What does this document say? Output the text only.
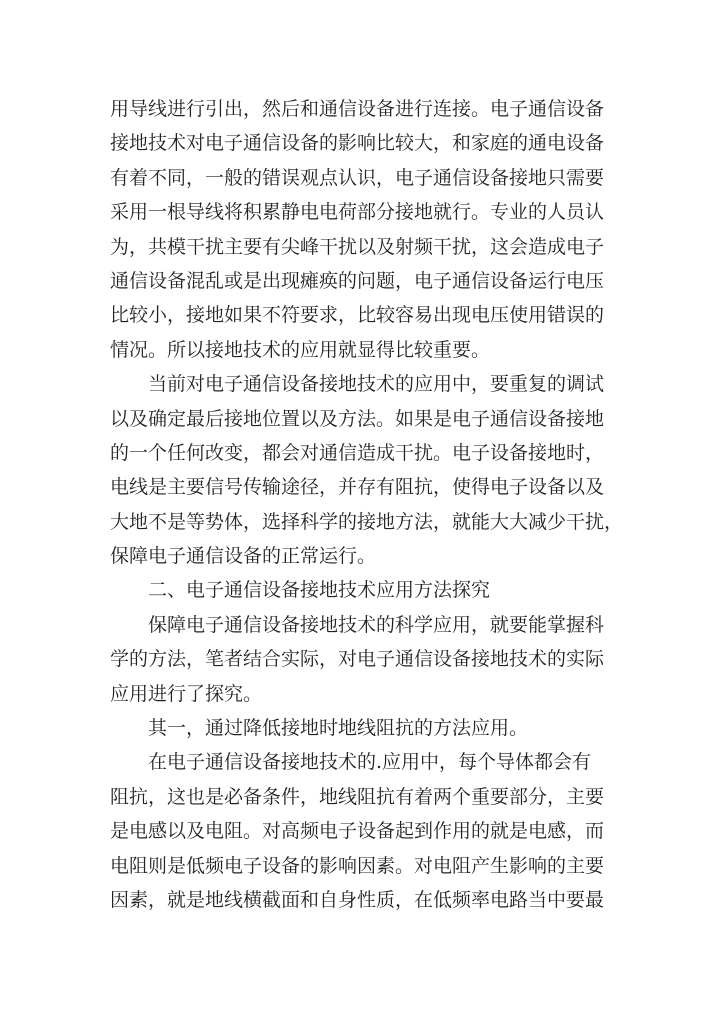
用导线进行引出，然后和通信设备进行连接。电子通信设备
接地技术对电子通信设备的影响比较大，和家庭的通电设备
有着不同，一般的错误观点认识，电子通信设备接地只需要
采用一根导线将积累静电电荷部分接地就行。专业的人员认
为，共模干扰主要有尖峰干扰以及射频干扰，这会造成电子
通信设备混乱或是出现瘫痪的问题，电子通信设备运行电压
比较小，接地如果不符要求，比较容易出现电压使用错误的
情况。所以接地技术的应用就显得比较重要。
当前对电子通信设备接地技术的应用中，要重复的调试
以及确定最后接地位置以及方法。如果是电子通信设备接地
的一个任何改变，都会对通信造成干扰。电子设备接地时，
电线是主要信号传输途径，并存有阻抗，使得电子设备以及
大地不是等势体，选择科学的接地方法，就能大大减少干扰，
保障电子通信设备的正常运行。
二、电子通信设备接地技术应用方法探究
保障电子通信设备接地技术的科学应用，就要能掌握科
学的方法，笔者结合实际，对电子通信设备接地技术的实际
应用进行了探究。
其一，通过降低接地时地线阻抗的方法应用。
在电子通信设备接地技术的.应用中，每个导体都会有
阻抗，这也是必备条件，地线阻抗有着两个重要部分，主要
是电感以及电阻。对高频电子设备起到作用的就是电感，而
电阻则是低频电子设备的影响因素。对电阻产生影响的主要
因素，就是地线横截面和自身性质，在低频率电路当中要最
